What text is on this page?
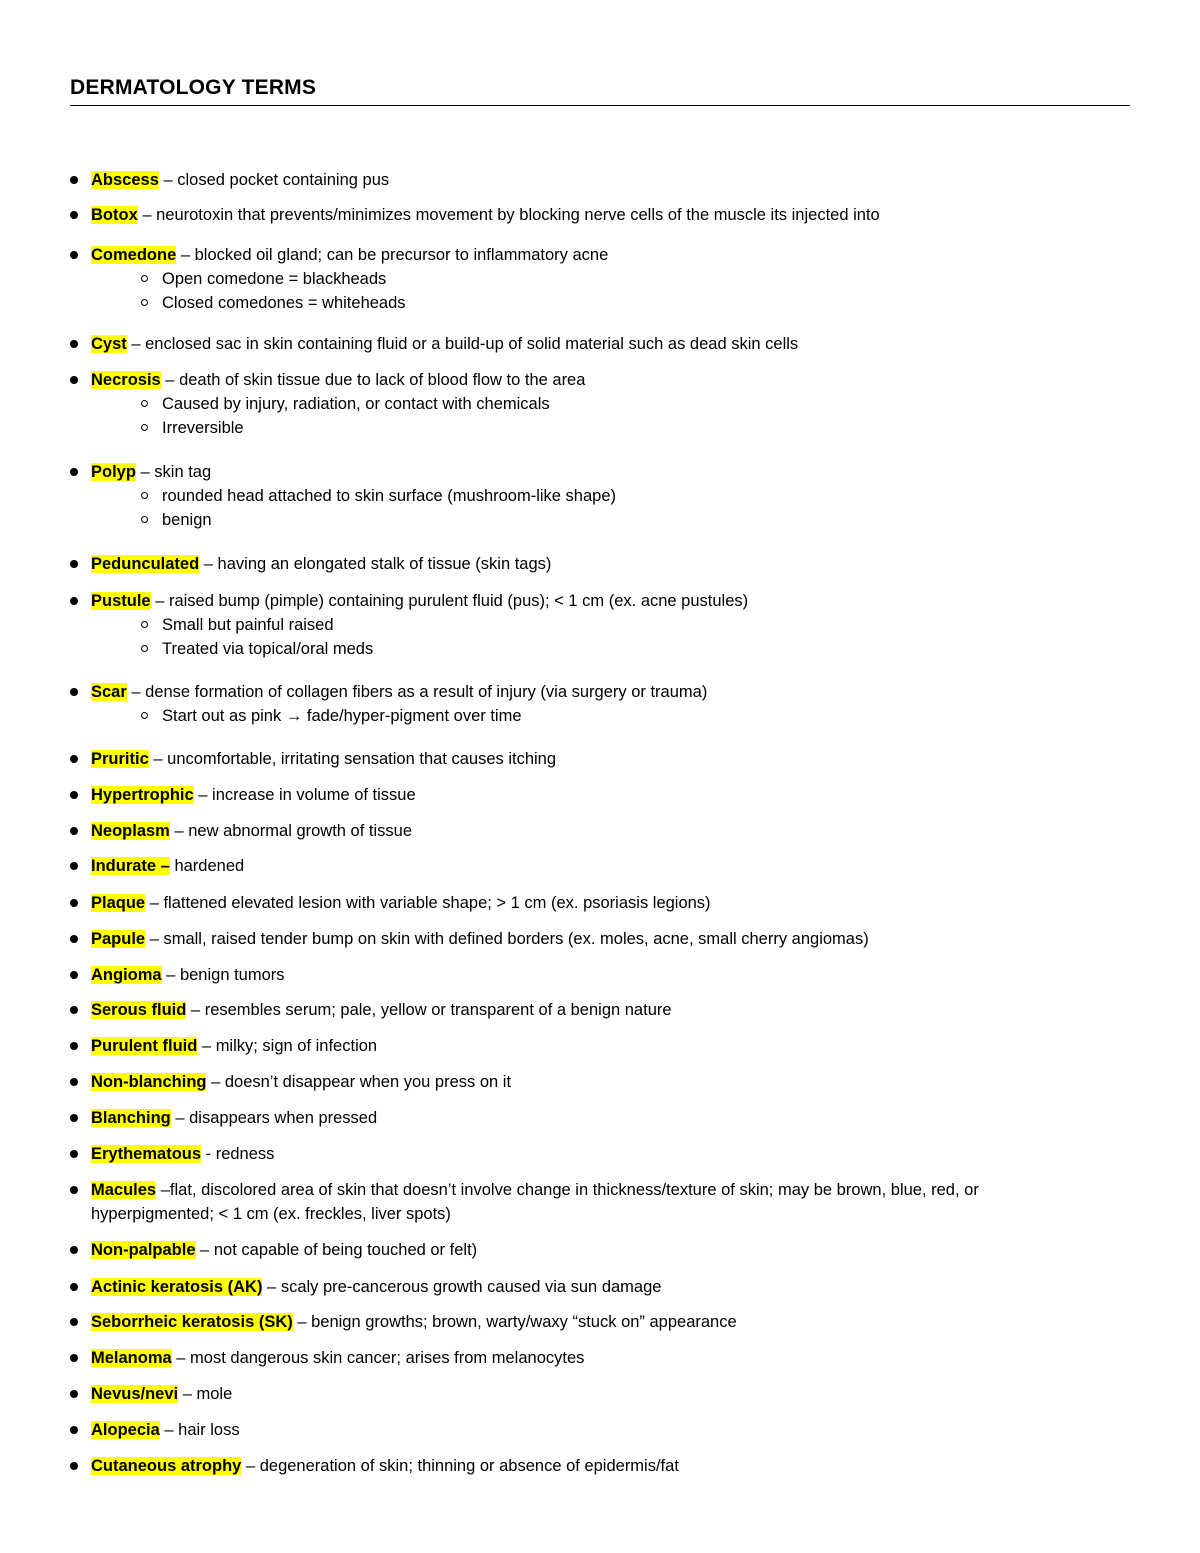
DERMATOLOGY TERMS
Abscess – closed pocket containing pus
Botox – neurotoxin that prevents/minimizes movement by blocking nerve cells of the muscle its injected into
Comedone – blocked oil gland; can be precursor to inflammatory acne
Open comedone = blackheads
Closed comedones = whiteheads
Cyst – enclosed sac in skin containing fluid or a build-up of solid material such as dead skin cells
Necrosis – death of skin tissue due to lack of blood flow to the area
Caused by injury, radiation, or contact with chemicals
Irreversible
Polyp – skin tag
rounded head attached to skin surface (mushroom-like shape)
benign
Pedunculated – having an elongated stalk of tissue (skin tags)
Pustule – raised bump (pimple) containing purulent fluid (pus); < 1 cm (ex. acne pustules)
Small but painful raised
Treated via topical/oral meds
Scar – dense formation of collagen fibers as a result of injury (via surgery or trauma)
Start out as pink → fade/hyper-pigment over time
Pruritic – uncomfortable, irritating sensation that causes itching
Hypertrophic – increase in volume of tissue
Neoplasm – new abnormal growth of tissue
Indurate – hardened
Plaque – flattened elevated lesion with variable shape; > 1 cm (ex. psoriasis legions)
Papule – small, raised tender bump on skin with defined borders (ex. moles, acne, small cherry angiomas)
Angioma – benign tumors
Serous fluid – resembles serum; pale, yellow or transparent of a benign nature
Purulent fluid – milky; sign of infection
Non-blanching – doesn’t disappear when you press on it
Blanching – disappears when pressed
Erythematous - redness
Macules –flat, discolored area of skin that doesn’t involve change in thickness/texture of skin; may be brown, blue, red, or
hyperpigmented; < 1 cm (ex. freckles, liver spots)
Non-palpable – not capable of being touched or felt)
Actinic keratosis (AK) – scaly pre-cancerous growth caused via sun damage
Seborrheic keratosis (SK) – benign growths; brown, warty/waxy “stuck on” appearance
Melanoma – most dangerous skin cancer; arises from melanocytes
Nevus/nevi – mole
Alopecia – hair loss
Cutaneous atrophy – degeneration of skin; thinning or absence of epidermis/fat
